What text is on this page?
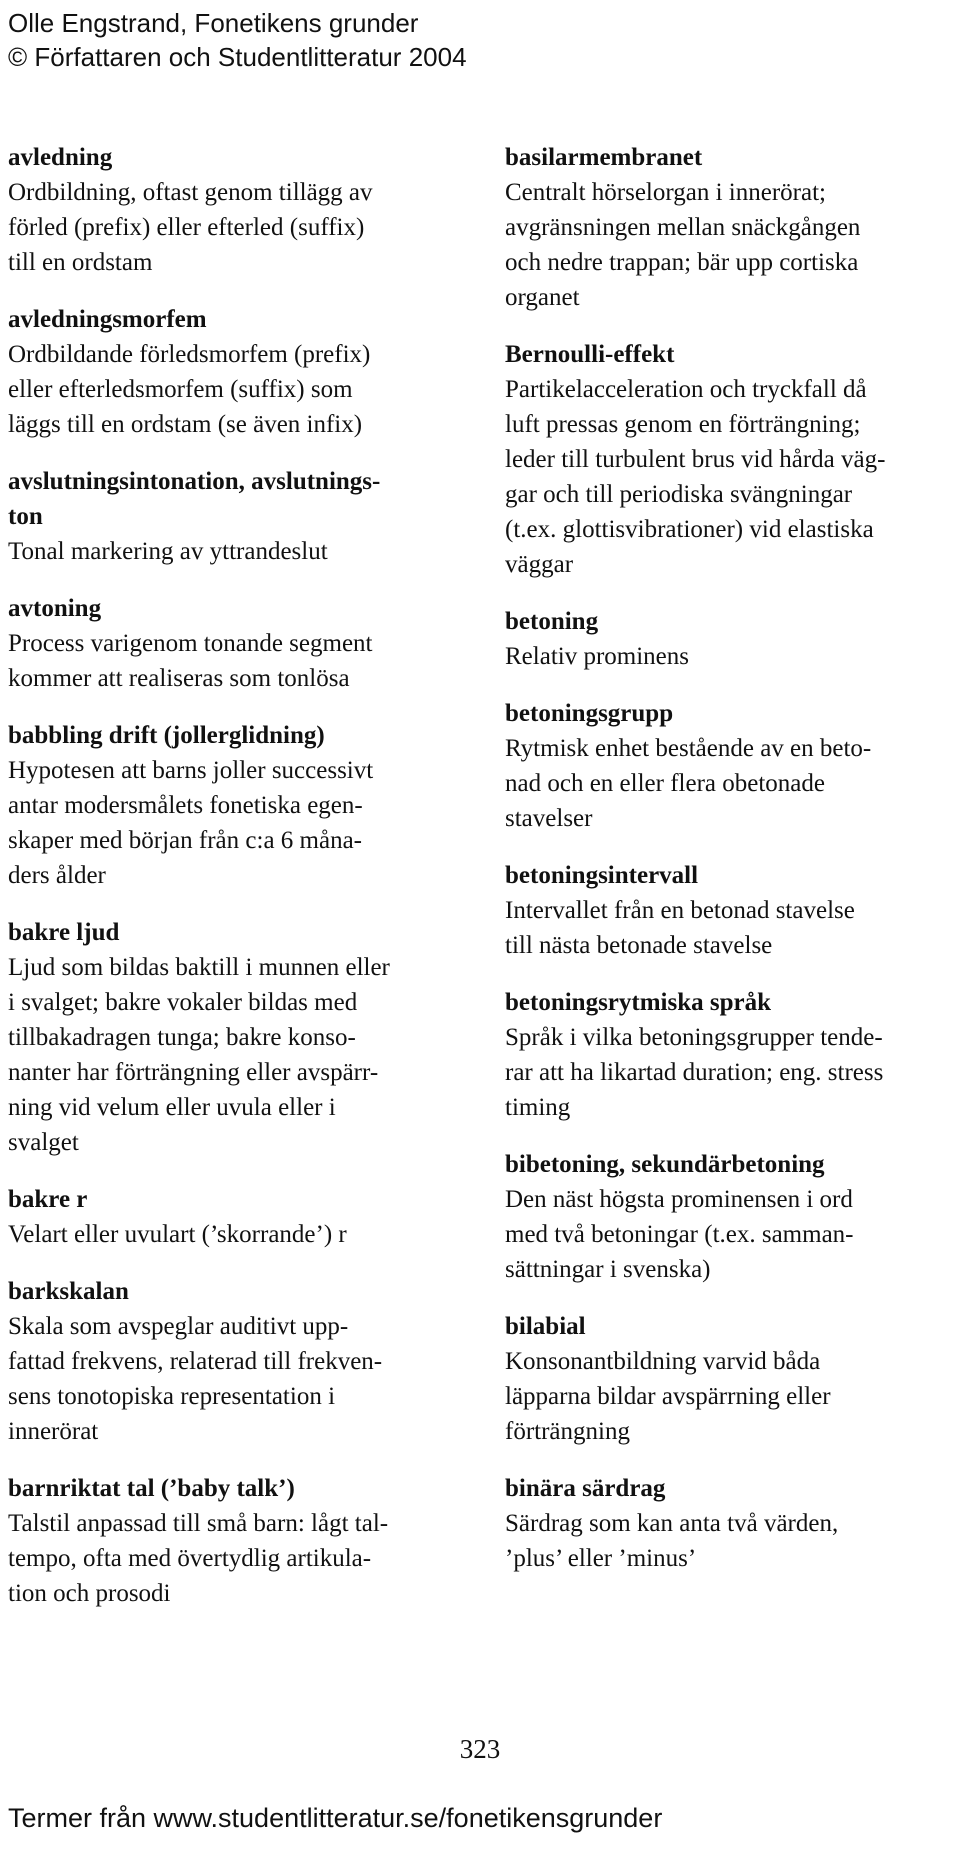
Olle Engstrand, Fonetikens grunder
© Författaren och Studentlitteratur 2004
avledning
Ordbildning, oftast genom tillägg av
förled (prefix) eller efterled (suffix)
till en ordstam
avledningsmorfem
Ordbildande förledsmorfem (prefix)
eller efterledsmorfem (suffix) som
läggs till en ordstam (se även infix)
avslutningsintonation, avslutnings-
ton
Tonal markering av yttrandeslut
avtoning
Process varigenom tonande segment
kommer att realiseras som tonlösa
babbling drift (jollerglidning)
Hypotesen att barns joller successivt
antar modersmålets fonetiska egen-
skaper med början från c:a 6 måna-
ders ålder
bakre ljud
Ljud som bildas baktill i munnen eller
i svalget; bakre vokaler bildas med
tillbakadragen tunga; bakre konso-
nanter har förträngning eller avspärr-
ning vid velum eller uvula eller i
svalget
bakre r
Velart eller uvulart (’skorrande’) r
barkskalan
Skala som avspeglar auditivt upp-
fattad frekvens, relaterad till frekven-
sens tonotopiska representation i
innerörat
barnriktat tal (’baby talk’)
Talstil anpassad till små barn: lågt tal-
tempo, ofta med övertydlig artikula-
tion och prosodi
basilarmembranet
Centralt hörselorgan i innerörat;
avgränsningen mellan snäckgången
och nedre trappan; bär upp cortiska
organet
Bernoulli-effekt
Partikelacceleration och tryckfall då
luft pressas genom en förträngning;
leder till turbulent brus vid hårda väg-
gar och till periodiska svängningar
(t.ex. glottisvibrationer) vid elastiska
väggar
betoning
Relativ prominens
betoningsgrupp
Rytmisk enhet bestående av en beto-
nad och en eller flera obetonade
stavelser
betoningsintervall
Intervallet från en betonad stavelse
till nästa betonade stavelse
betoningsrytmiska språk
Språk i vilka betoningsgrupper tende-
rar att ha likartad duration; eng. stress
timing
bibetoning, sekundärbetoning
Den näst högsta prominensen i ord
med två betoningar (t.ex. samman-
sättningar i svenska)
bilabial
Konsonantbildning varvid båda
läpparna bildar avspärrning eller
förträngning
binära särdrag
Särdrag som kan anta två värden,
’plus’ eller ’minus’
323
Termer från www.studentlitteratur.se/fonetikensgrunder
